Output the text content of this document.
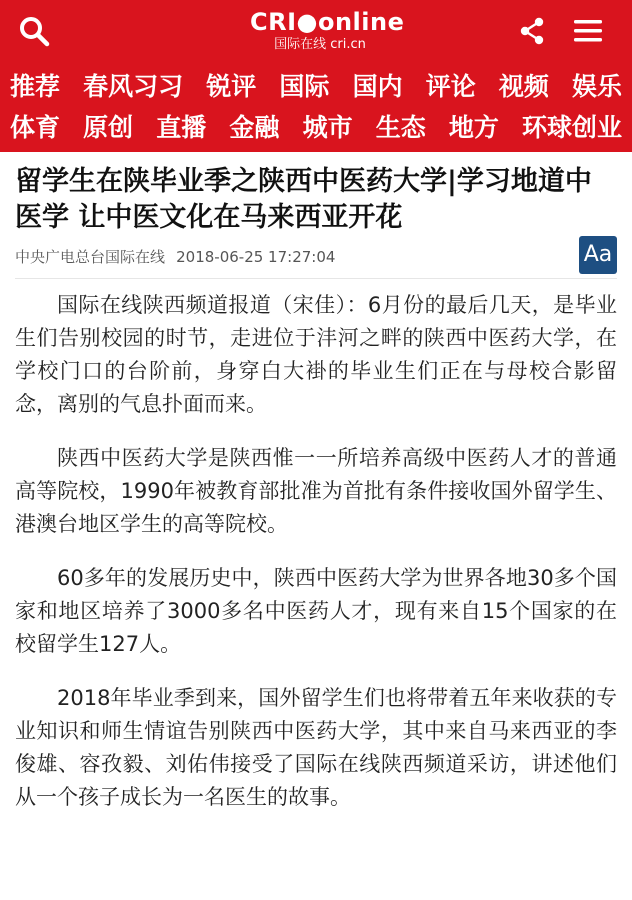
CRI●online
国际在线 cri.cn
推荐 春风习习 锐评 国际 国内 评论 视频 娱乐
体育 原创 直播 金融 城市 生态 地方 环球创业
留学生在陕毕业季之陕西中医药大学|学习地道中医学 让中医文化在马来西亚开花
中央广电总台国际在线 2018-06-25 17:27:04	Aa

国际在线陕西频道报道（宋佳）：6月份的最后几天，是毕业生们告别校园的时节，走进位于沣河之畔的陕西中医药大学，在学校门口的台阶前，身穿白大褂的毕业生们正在与母校合影留念，离别的气息扑面而来。

陕西中医药大学是陕西惟一一所培养高级中医药人才的普通高等院校，1990年被教育部批准为首批有条件接收国外留学生、港澳台地区学生的高等院校。

60多年的发展历史中，陕西中医药大学为世界各地30多个国家和地区培养了3000多名中医药人才，现有来自15个国家的在校留学生127人。

2018年毕业季到来，国外留学生们也将带着五年来收获的专业知识和师生情谊告别陕西中医药大学，其中来自马来西亚的李俊雄、容孜毅、刘佑伟接受了国际在线陕西频道采访，讲述他们从一个孩子成长为一名医生的故事。
